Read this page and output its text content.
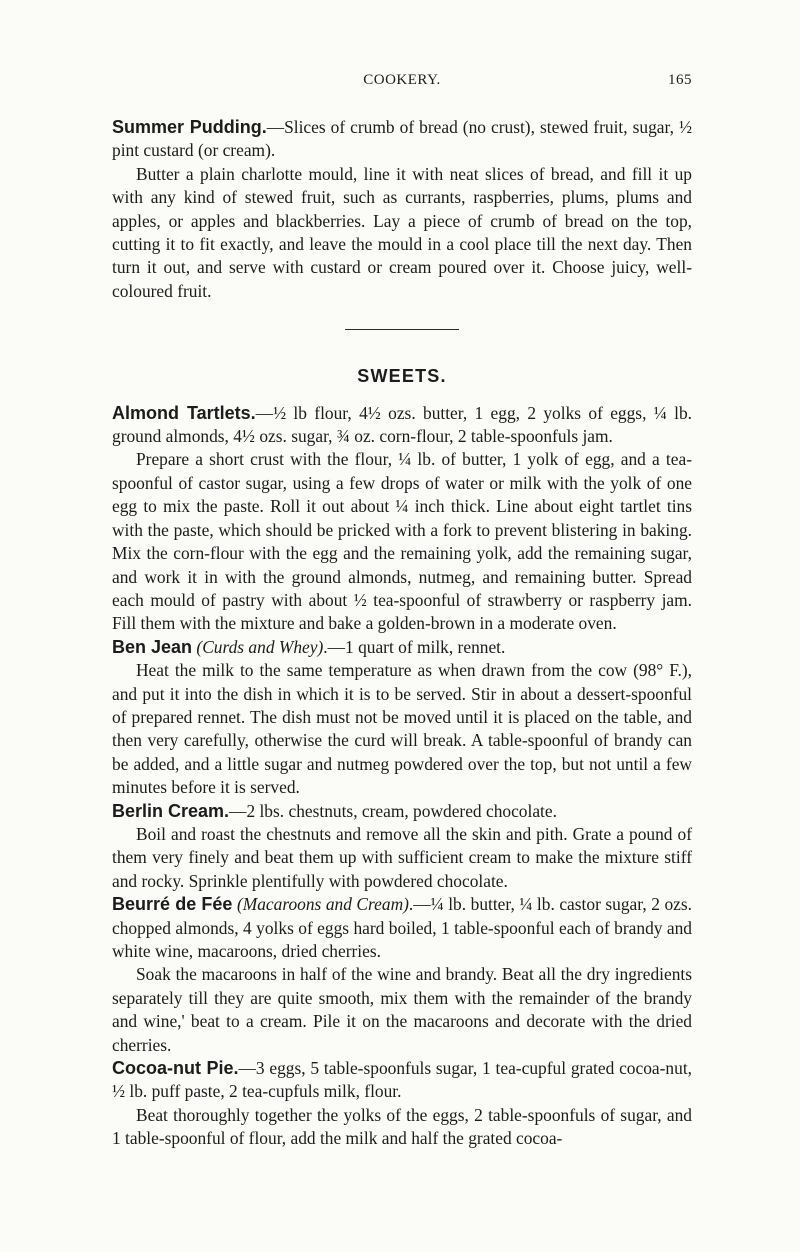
COOKERY.	165

Summer Pudding.—Slices of crumb of bread (no crust), stewed fruit, sugar, ½ pint custard (or cream).

Butter a plain charlotte mould, line it with neat slices of bread, and fill it up with any kind of stewed fruit, such as currants, raspberries, plums, plums and apples, or apples and blackberries. Lay a piece of crumb of bread on the top, cutting it to fit exactly, and leave the mould in a cool place till the next day. Then turn it out, and serve with custard or cream poured over it. Choose juicy, well-coloured fruit.

SWEETS.

Almond Tartlets.—½ lb flour, 4½ ozs. butter, 1 egg, 2 yolks of eggs, ¼ lb. ground almonds, 4½ ozs. sugar, ¾ oz. corn-flour, 2 table-spoonfuls jam.

Prepare a short crust with the flour, ¼ lb. of butter, 1 yolk of egg, and a tea-spoonful of castor sugar, using a few drops of water or milk with the yolk of one egg to mix the paste. Roll it out about ¼ inch thick. Line about eight tartlet tins with the paste, which should be pricked with a fork to prevent blistering in baking. Mix the corn-flour with the egg and the remaining yolk, add the remaining sugar, and work it in with the ground almonds, nutmeg, and remaining butter. Spread each mould of pastry with about ½ tea-spoonful of strawberry or raspberry jam. Fill them with the mixture and bake a golden-brown in a moderate oven.

Ben Jean (Curds and Whey).—1 quart of milk, rennet.

Heat the milk to the same temperature as when drawn from the cow (98° F.), and put it into the dish in which it is to be served. Stir in about a dessert-spoonful of prepared rennet. The dish must not be moved until it is placed on the table, and then very carefully, otherwise the curd will break. A table-spoonful of brandy can be added, and a little sugar and nutmeg powdered over the top, but not until a few minutes before it is served.

Berlin Cream.—2 lbs. chestnuts, cream, powdered chocolate.

Boil and roast the chestnuts and remove all the skin and pith. Grate a pound of them very finely and beat them up with sufficient cream to make the mixture stiff and rocky. Sprinkle plentifully with powdered chocolate.

Beurré de Fée (Macaroons and Cream).—¼ lb. butter, ¼ lb. castor sugar, 2 ozs. chopped almonds, 4 yolks of eggs hard boiled, 1 table-spoonful each of brandy and white wine, macaroons, dried cherries.

Soak the macaroons in half of the wine and brandy. Beat all the dry ingredients separately till they are quite smooth, mix them with the remainder of the brandy and wine,' beat to a cream. Pile it on the macaroons and decorate with the dried cherries.

Cocoa-nut Pie.—3 eggs, 5 table-spoonfuls sugar, 1 tea-cupful grated cocoa-nut, ½ lb. puff paste, 2 tea-cupfuls milk, flour.

Beat thoroughly together the yolks of the eggs, 2 table-spoonfuls of sugar, and 1 table-spoonful of flour, add the milk and half the grated cocoa-
